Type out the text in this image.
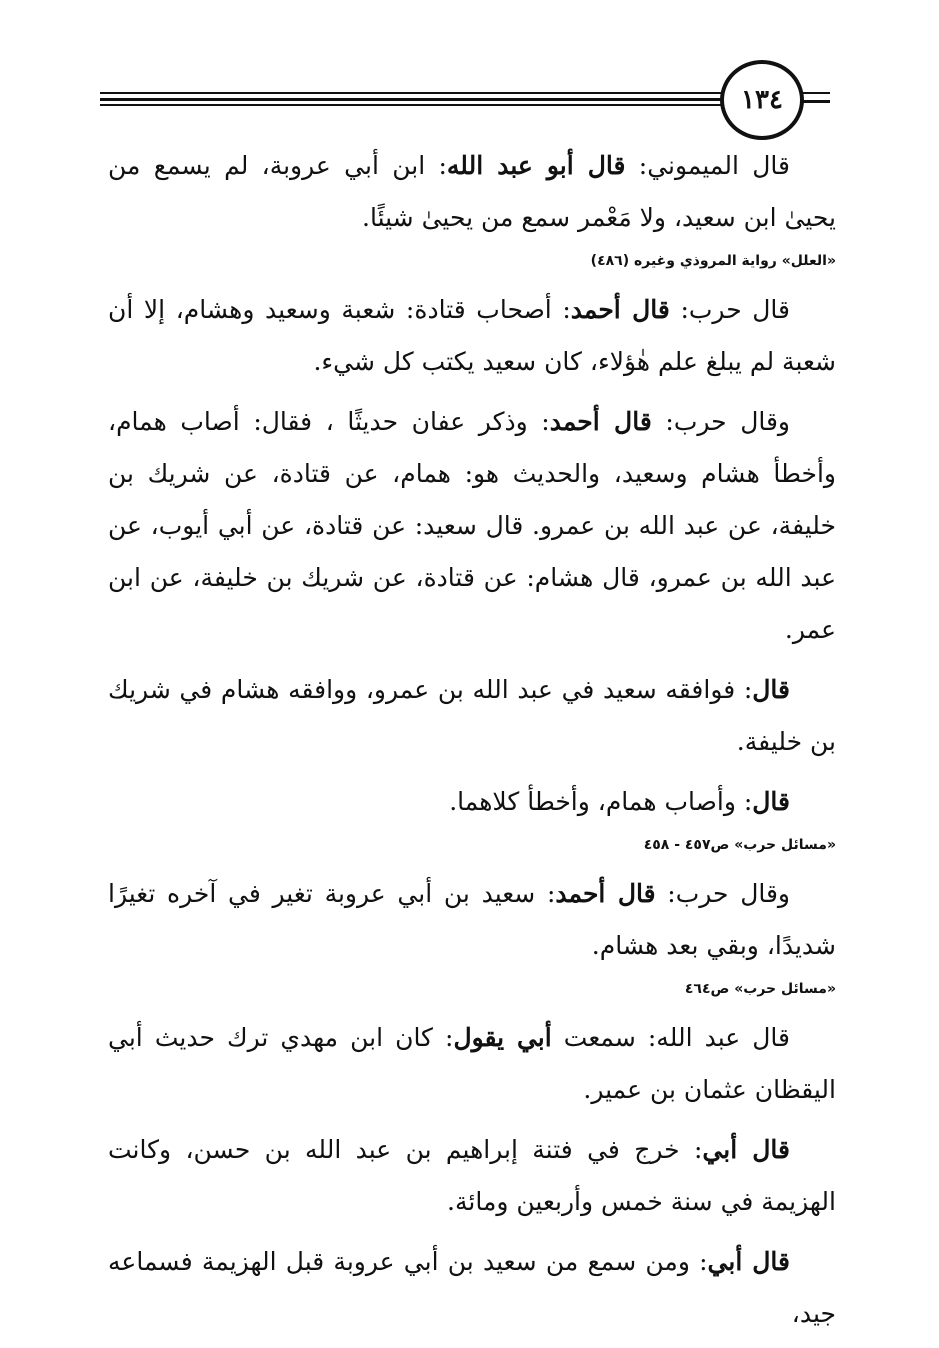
١٣٤

قال الميموني: قال أبو عبد الله: ابن أبي عروبة، لم يسمع من يحيىٰ ابن سعيد، ولا مَعْمر سمع من يحيىٰ شيئًا.

«العلل» رواية المروذي وغيره (٤٨٦)

قال حرب: قال أحمد: أصحاب قتادة: شعبة وسعيد وهشام، إلا أن شعبة لم يبلغ علم هٰؤلاء، كان سعيد يكتب كل شيء.

وقال حرب: قال أحمد: وذكر عفان حديثًا ، فقال: أصاب همام، وأخطأ هشام وسعيد، والحديث هو: همام، عن قتادة، عن شريك بن خليفة، عن عبد الله بن عمرو. قال سعيد: عن قتادة، عن أبي أيوب، عن عبد الله بن عمرو، قال هشام: عن قتادة، عن شريك بن خليفة، عن ابن عمر.

قال: فوافقه سعيد في عبد الله بن عمرو، ووافقه هشام في شريك بن خليفة.

قال: وأصاب همام، وأخطأ كلاهما.

«مسائل حرب» ص٤٥٧ - ٤٥٨

وقال حرب: قال أحمد: سعيد بن أبي عروبة تغير في آخره تغيرًا شديدًا، وبقي بعد هشام.

«مسائل حرب» ص٤٦٤

قال عبد الله: سمعت أبي يقول: كان ابن مهدي ترك حديث أبي اليقظان عثمان بن عمير.

قال أبي: خرج في فتنة إبراهيم بن عبد الله بن حسن، وكانت الهزيمة في سنة خمس وأربعين ومائة.

قال أبي: ومن سمع من سعيد بن أبي عروبة قبل الهزيمة فسماعه جيد،
